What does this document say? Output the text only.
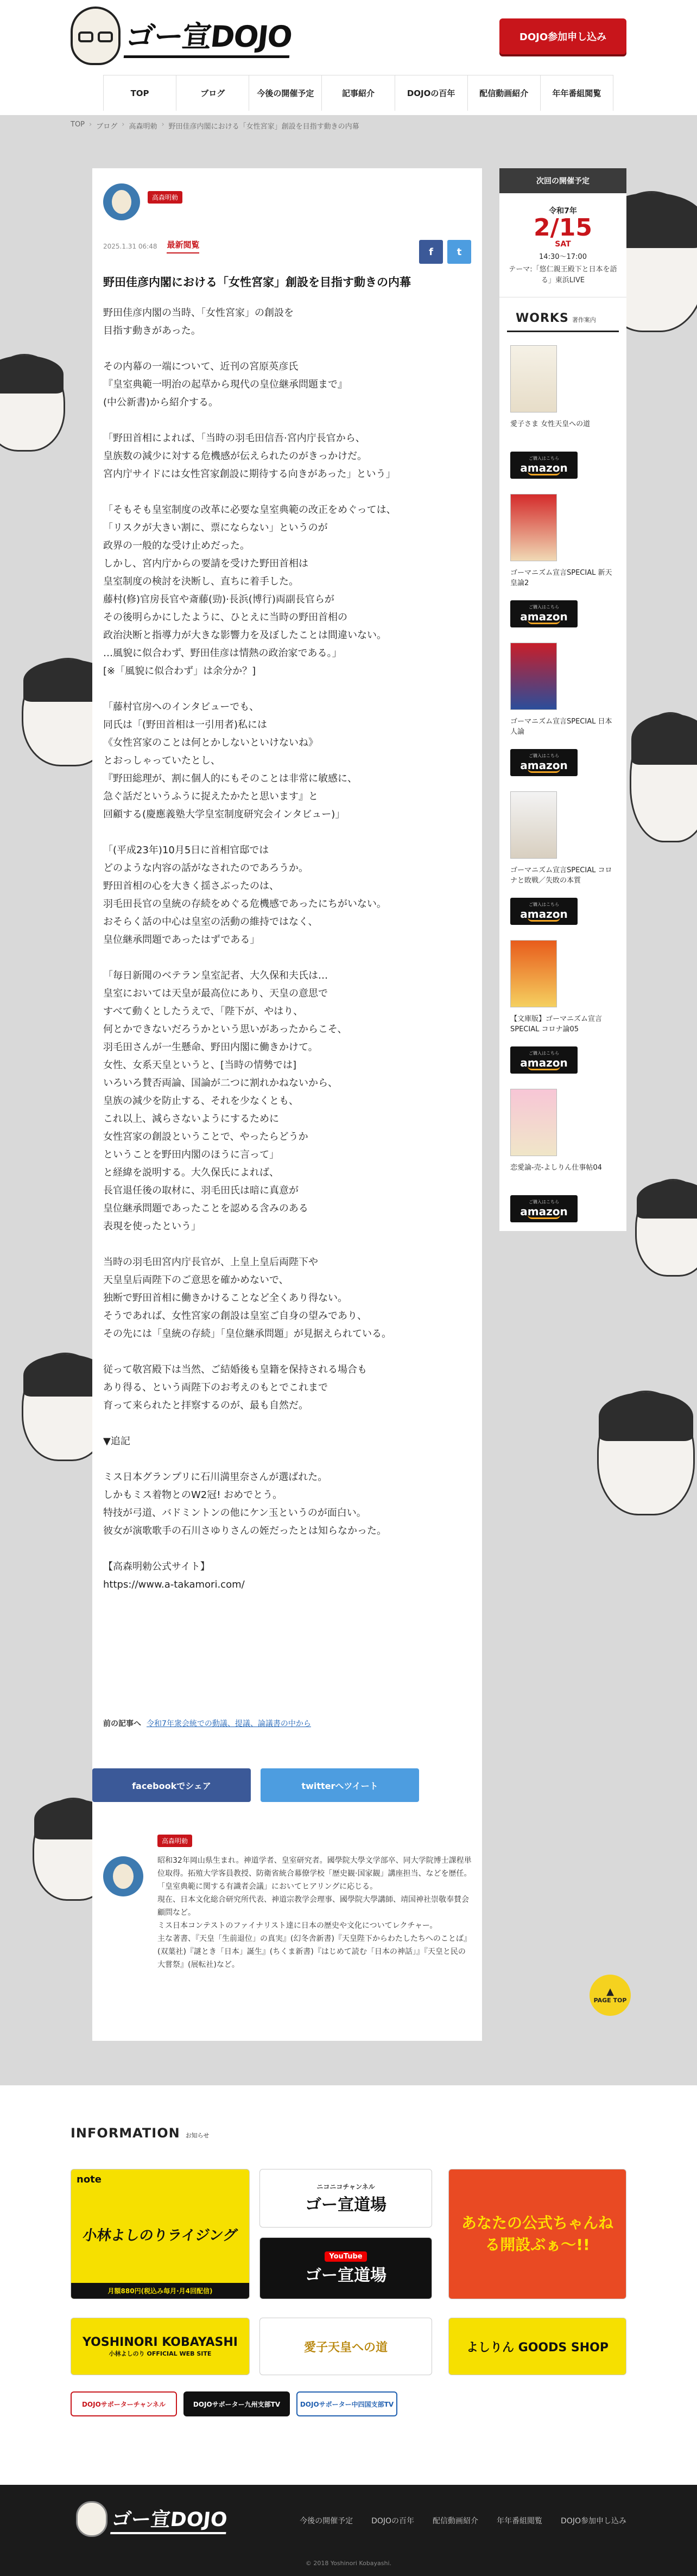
ゴー宣DOJO	DOJO参加申し込み
TOP	ブログ	今後の開催予定	記事紹介	DOJOの百年	配信動画紹介	年年番組閲覧
TOP › ブログ › 高森明勅 › 野田佳彦内閣における「女性宮家」創設を目指す動きの内幕
高森明勅
2025.1.31 06:48 最新閲覧
f	t
野田佳彦内閣における「女性宮家」創設を目指す動きの内幕

野田佳彦内閣の当時、「女性宮家」の創設を
目指す動きがあった。

その内幕の一端について、近刊の宮原英彦氏
『皇室典範一明治の起草から現代の皇位継承問題まで』
(中公新書)から紹介する。

「野田首相によれば、「当時の羽毛田信吾·宮内庁長官から、
皇族数の減少に対する危機感が伝えられたのがきっかけだ。
宮内庁サイドには女性宮家創設に期待する向きがあった」という」

「そもそも皇室制度の改革に必要な皇室典範の改正をめぐっては、
「リスクが大きい割に、票にならない」というのが
政界の一般的な受け止めだった。
しかし、宮内庁からの要請を受けた野田首相は
皇室制度の検討を決断し、直ちに着手した。
藤村(修)官房長官や斎藤(勁)·長浜(博行)両副長官らが
その後明らかにしたように、ひとえに当時の野田首相の
政治決断と指導力が大きな影響力を及ぼしたことは間違いない。
…風貌に似合わず、野田佳彦は情熱の政治家である。」
[※「風貌に似合わず」は余分か？]

「藤村官房へのインタビューでも、
同氏は「(野田首相は一引用者)私には
《女性宮家のことは何とかしないといけないね》
とおっしゃっていたとし、
『野田総理が、割に個人的にもそのことは非常に敏感に、
急ぐ話だというふうに捉えたかたと思います』と
回顧する(慶應義塾大学皇室制度研究会インタビュー)」

「(平成23年)10月5日に首相官邸では
どのような内容の話がなされたのであろうか。
野田首相の心を大きく揺さぶったのは、
羽毛田長官の皇統の存続をめぐる危機感であったにちがいない。
おそらく話の中心は皇室の活動の維持ではなく、
皇位継承問題であったはずである」

「毎日新聞のベテラン皇室記者、大久保和夫氏は…
皇室においては天皇が最高位にあり、天皇の意思で
すべて動くとしたうえで、「陛下が、やはり、
何とかできないだろうかという思いがあったからこそ、
羽毛田さんが一生懸命、野田内閣に働きかけて。
女性、女系天皇というと、[当時の情勢では]
いろいろ賛否両論、国論が二つに割れかねないから、
皇族の減少を防止する、それを少なくとも、
これ以上、減らさないようにするために
女性宮家の創設ということで、やったらどうか
ということを野田内閣のほうに言って」
と経緯を説明する。大久保氏によれば、
長官退任後の取材に、羽毛田氏は暗に真意が
皇位継承問題であったことを認める含みのある
表現を使ったという」

当時の羽毛田宮内庁長官が、上皇上皇后両陛下や
天皇皇后両陛下のご意思を確かめないで、
独断で野田首相に働きかけることなど全くあり得ない。
そうであれば、女性宮家の創設は皇室ご自身の望みであり、
その先には「皇統の存続」「皇位継承問題」が見据えられている。

従って敬宮殿下は当然、ご結婚後も皇籍を保持される場合も
あり得る、という両陛下のお考えのもとでこれまで
育って来られたと拝察するのが、最も自然だ。

▼追記

ミス日本グランプリに石川満里奈さんが選ばれた。
しかもミス着物とのW2冠! おめでとう。
特技が弓道、バドミントンの他にケン玉というのが面白い。
彼女が演歌歌手の石川さゆりさんの姪だったとは知らなかった。

【高森明勅公式サイト】
https://www.a-takamori.com/

前の記事へ 令和7年衆会統での動議、提議、論議書の中から
facebookでシェア	twitterへツイート
高森明勅
昭和32年岡山県生まれ。神道学者、皇室研究者。國學院大學文学部卒、同大学院博士課程単位取得。拓殖大学客員教授、防衛省統合幕僚学校「歴史観·国家観」講座担当、などを歴任。
「皇室典範に関する有識者会議」においてヒアリングに応じる。
現在、日本文化総合研究所代表、神道宗教学会理事、國學院大學講師、靖国神社崇敬奉賛会顧問など。
ミス日本コンテストのファイナリスト達に日本の歴史や文化についてレクチャー。
主な著書、『天皇「生前退位」の真実』(幻冬舎新書)『天皇陛下からわたしたちへのことば』(双葉社)『謎とき「日本」誕生』(ちくま新書)『はじめて読む「日本の神話」』『天皇と民の大嘗祭』(展転社)など。
次回の開催予定
令和7年
2/15
SAT
14:30〜17:00
テーマ:「悠仁親王殿下と日本を語る」東浜LIVE
WORKS 著作案内
愛子さま 女性天皇への道
ご購入はこちら
amazon
ゴーマニズム宣言SPECIAL 新天皇論2
ご購入はこちら
amazon
ゴーマニズム宣言SPECIAL 日本人論
ご購入はこちら
amazon
ゴーマニズム宣言SPECIAL コロナと敗戦／失敗の本質
ご購入はこちら
amazon
【文庫版】ゴーマニズム宣言SPECIAL コロナ論05
ご購入はこちら
amazon
恋愛論-売-よしりん仕事帖04
ご購入はこちら
amazon
▲
PAGE TOP
INFORMATION お知らせ
note
小林よしのりライジング
月額880円(税込み毎月·月4回配信)
ニコニコチャンネル
ゴー宣道場
YouTube
ゴー宣道場
あなたの公式ちゃんねる開設ぶぁ〜!!
YOSHINORI KOBAYASHI
小林よしのり OFFICIAL WEB SITE	愛子天皇への道	よしりん GOODS SHOP
DOJOサポーターチャンネル	DOJOサポーター九州支部TV	DOJOサポーター中四国支部TV
ゴー宣DOJO	今後の開催予定 DOJOの百年 配信動画紹介 年年番組閲覧 DOJO参加申し込み
© 2018 Yoshinori Kobayashi.
